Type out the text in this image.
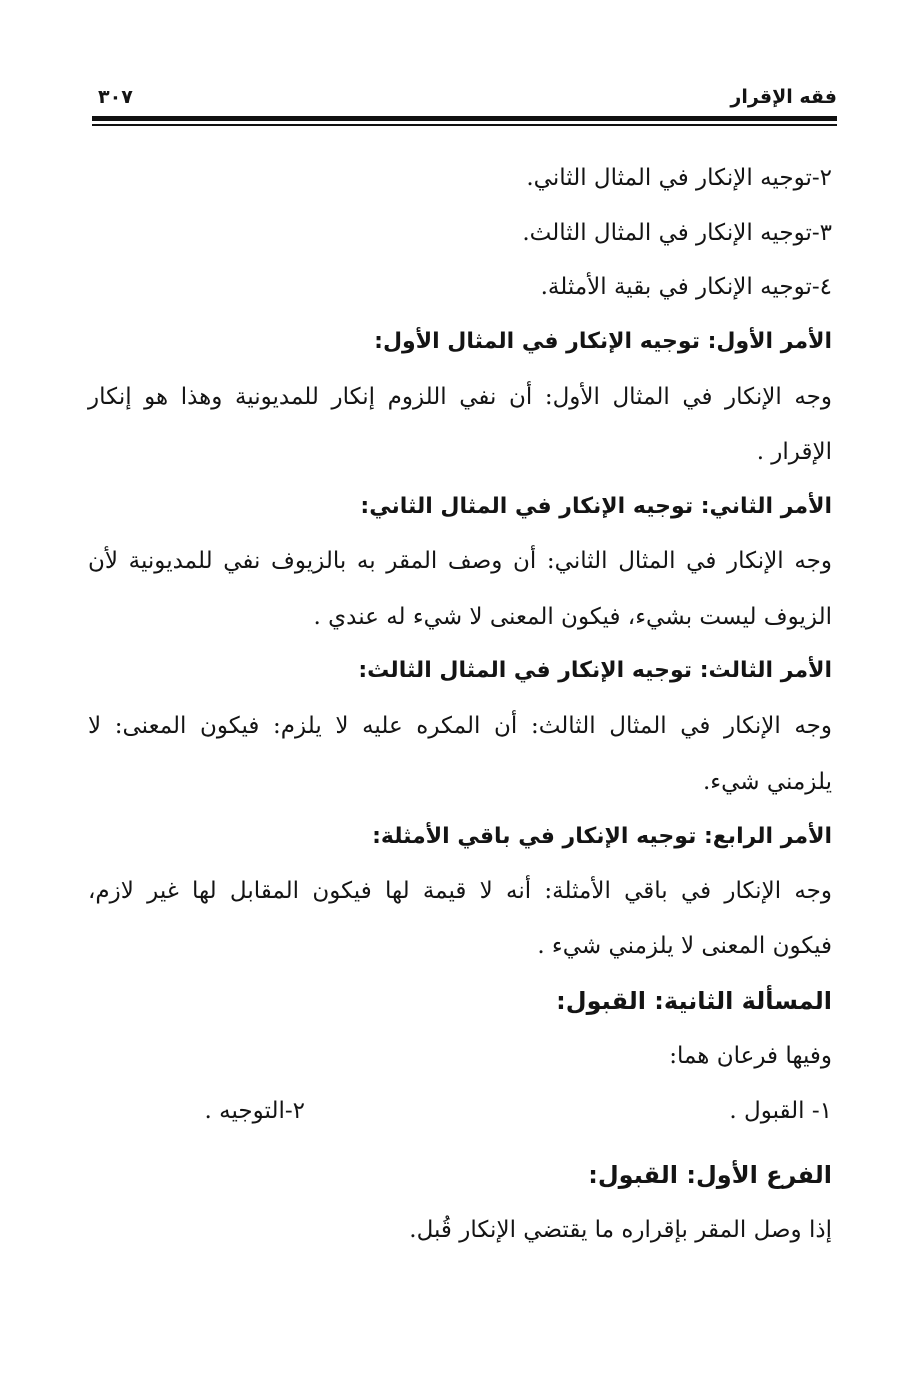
فقه الإقرار
٣٠٧
٢-توجيه الإنكار في المثال الثاني.
٣-توجيه الإنكار في المثال الثالث.
٤-توجيه الإنكار في بقية الأمثلة.
الأمر الأول: توجيه الإنكار في المثال الأول:
وجه الإنكار في المثال الأول: أن نفي اللزوم إنكار للمديونية وهذا هو إنكار
الإقرار .
الأمر الثاني: توجيه الإنكار في المثال الثاني:
وجه الإنكار في المثال الثاني: أن وصف المقر به بالزيوف نفي للمديونية لأن
الزيوف ليست بشيء، فيكون المعنى لا شيء له عندي .
الأمر الثالث: توجيه الإنكار في المثال الثالث:
وجه الإنكار في المثال الثالث: أن المكره عليه لا يلزم: فيكون المعنى: لا
يلزمني شيء.
الأمر الرابع: توجيه الإنكار في باقي الأمثلة:
وجه الإنكار في باقي الأمثلة: أنه لا قيمة لها فيكون المقابل لها غير لازم،
فيكون المعنى لا يلزمني شيء .
المسألة الثانية: القبول:
وفيها فرعان هما:
١- القبول .
٢-التوجيه .
الفرع الأول: القبول:
إذا وصل المقر بإقراره ما يقتضي الإنكار قُبل.
